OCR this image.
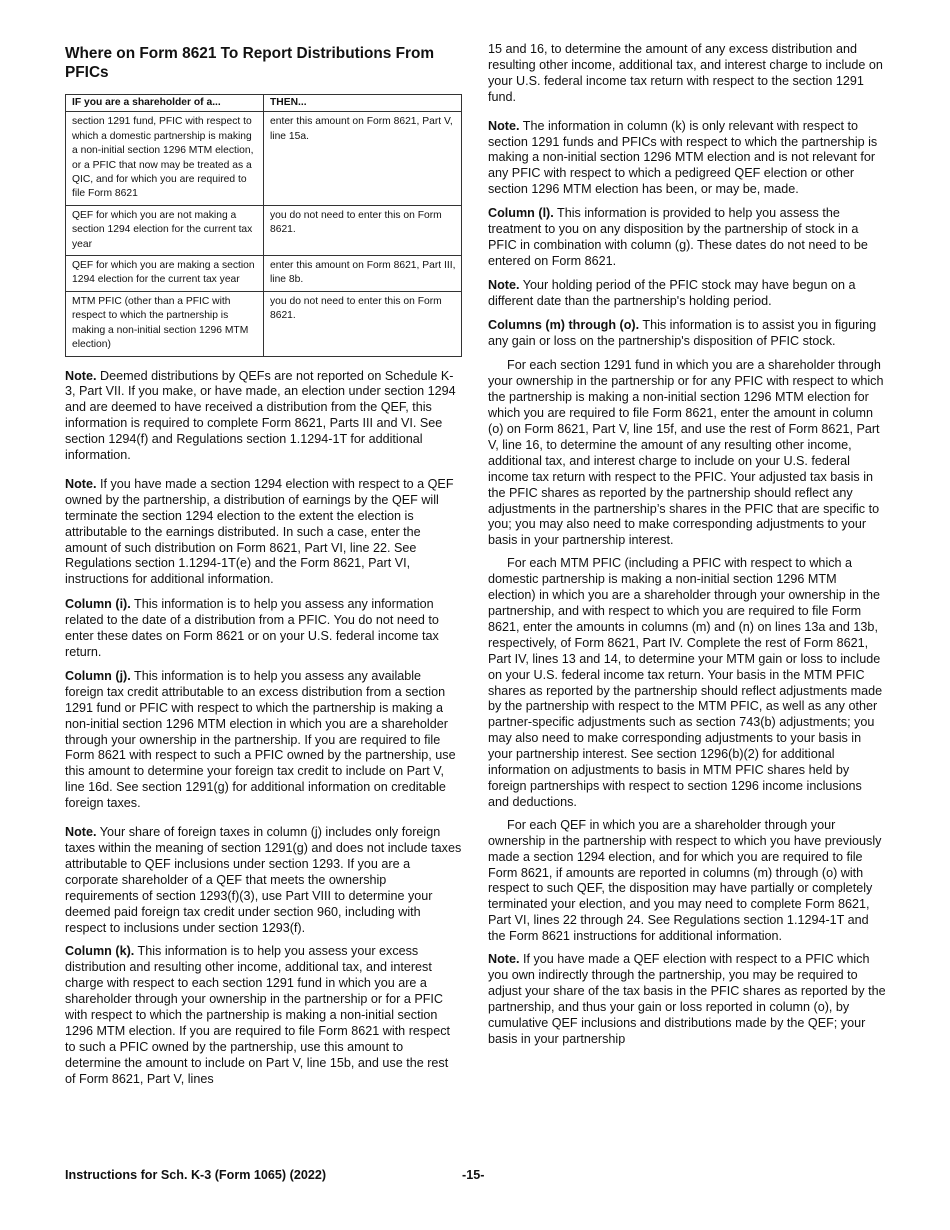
Where on Form 8621 To Report Distributions From PFICs
IF you are a shareholder of a...	THEN...
section 1291 fund, PFIC with respect to which a domestic partnership is making a non-initial section 1296 MTM election, or a PFIC that now may be treated as a QIC, and for which you are required to file Form 8621	enter this amount on Form 8621, Part V, line 15a.
QEF for which you are not making a section 1294 election for the current tax year	you do not need to enter this on Form 8621.
QEF for which you are making a section 1294 election for the current tax year	enter this amount on Form 8621, Part III, line 8b.
MTM PFIC (other than a PFIC with respect to which the partnership is making a non-initial section 1296 MTM election)	you do not need to enter this on Form 8621.

Note. Deemed distributions by QEFs are not reported on Schedule K-3, Part VII. If you make, or have made, an election under section 1294 and are deemed to have received a distribution from the QEF, this information is required to complete Form 8621, Parts III and VI. See section 1294(f) and Regulations section 1.1294-1T for additional information.

Note. If you have made a section 1294 election with respect to a QEF owned by the partnership, a distribution of earnings by the QEF will terminate the section 1294 election to the extent the election is attributable to the earnings distributed. In such a case, enter the amount of such distribution on Form 8621, Part VI, line 22. See Regulations section 1.1294-1T(e) and the Form 8621, Part VI, instructions for additional information.

Column (i). This information is to help you assess any information related to the date of a distribution from a PFIC. You do not need to enter these dates on Form 8621 or on your U.S. federal income tax return.

Column (j). This information is to help you assess any available foreign tax credit attributable to an excess distribution from a section 1291 fund or PFIC with respect to which the partnership is making a non-initial section 1296 MTM election in which you are a shareholder through your ownership in the partnership. If you are required to file Form 8621 with respect to such a PFIC owned by the partnership, use this amount to determine your foreign tax credit to include on Part V, line 16d. See section 1291(g) for additional information on creditable foreign taxes.

Note. Your share of foreign taxes in column (j) includes only foreign taxes within the meaning of section 1291(g) and does not include taxes attributable to QEF inclusions under section 1293. If you are a corporate shareholder of a QEF that meets the ownership requirements of section 1293(f)(3), use Part VIII to determine your deemed paid foreign tax credit under section 960, including with respect to inclusions under section 1293(f).

Column (k). This information is to help you assess your excess distribution and resulting other income, additional tax, and interest charge with respect to each section 1291 fund in which you are a shareholder through your ownership in the partnership or for a PFIC with respect to which the partnership is making a non-initial section 1296 MTM election. If you are required to file Form 8621 with respect to such a PFIC owned by the partnership, use this amount to determine the amount to include on Part V, line 15b, and use the rest of Form 8621, Part V, lines

15 and 16, to determine the amount of any excess distribution and resulting other income, additional tax, and interest charge to include on your U.S. federal income tax return with respect to the section 1291 fund.

Note. The information in column (k) is only relevant with respect to section 1291 funds and PFICs with respect to which the partnership is making a non-initial section 1296 MTM election and is not relevant for any PFIC with respect to which a pedigreed QEF election or other section 1296 MTM election has been, or may be, made.

Column (l). This information is provided to help you assess the treatment to you on any disposition by the partnership of stock in a PFIC in combination with column (g). These dates do not need to be entered on Form 8621.

Note. Your holding period of the PFIC stock may have begun on a different date than the partnership's holding period.

Columns (m) through (o). This information is to assist you in figuring any gain or loss on the partnership's disposition of PFIC stock.

For each section 1291 fund in which you are a shareholder through your ownership in the partnership or for any PFIC with respect to which the partnership is making a non-initial section 1296 MTM election for which you are required to file Form 8621, enter the amount in column (o) on Form 8621, Part V, line 15f, and use the rest of Form 8621, Part V, line 16, to determine the amount of any resulting other income, additional tax, and interest charge to include on your U.S. federal income tax return with respect to the PFIC. Your adjusted tax basis in the PFIC shares as reported by the partnership should reflect any adjustments in the partnership’s shares in the PFIC that are specific to you; you may also need to make corresponding adjustments to your basis in your partnership interest.

For each MTM PFIC (including a PFIC with respect to which a domestic partnership is making a non-initial section 1296 MTM election) in which you are a shareholder through your ownership in the partnership, and with respect to which you are required to file Form 8621, enter the amounts in columns (m) and (n) on lines 13a and 13b, respectively, of Form 8621, Part IV. Complete the rest of Form 8621, Part IV, lines 13 and 14, to determine your MTM gain or loss to include on your U.S. federal income tax return. Your basis in the MTM PFIC shares as reported by the partnership should reflect adjustments made by the partnership with respect to the MTM PFIC, as well as any other partner-specific adjustments such as section 743(b) adjustments; you may also need to make corresponding adjustments to your basis in your partnership interest. See section 1296(b)(2) for additional information on adjustments to basis in MTM PFIC shares held by foreign partnerships with respect to section 1296 income inclusions and deductions.

For each QEF in which you are a shareholder through your ownership in the partnership with respect to which you have previously made a section 1294 election, and for which you are required to file Form 8621, if amounts are reported in columns (m) through (o) with respect to such QEF, the disposition may have partially or completely terminated your election, and you may need to complete Form 8621, Part VI, lines 22 through 24. See Regulations section 1.1294-1T and the Form 8621 instructions for additional information.

Note. If you have made a QEF election with respect to a PFIC which you own indirectly through the partnership, you may be required to adjust your share of the tax basis in the PFIC shares as reported by the partnership, and thus your gain or loss reported in column (o), by cumulative QEF inclusions and distributions made by the QEF; your basis in your partnership

Instructions for Sch. K-3 (Form 1065) (2022)	-15-
